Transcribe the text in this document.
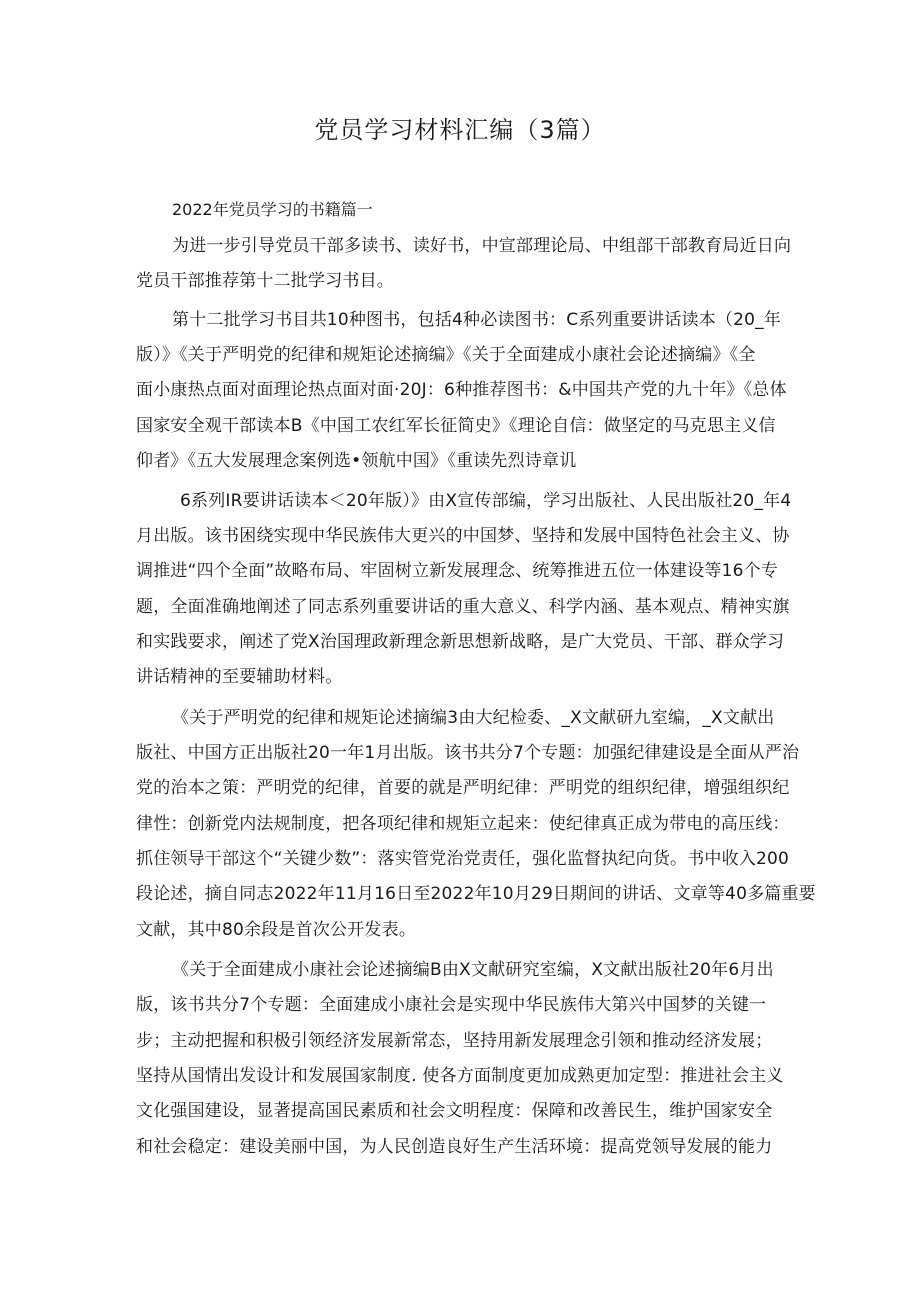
党员学习材料汇编（3篇）

2022年党员学习的书籍篇一

为进一步引导党员干部多读书、读好书，中宣部理论局、中组部干部教育局近日向

党员干部推荐第十二批学习书目。

第十二批学习书目共10种图书，包括4种必读图书：C系列重要讲话读本（20_年

版）》《关于严明党的纪律和规矩论述摘编》《关于全面建成小康社会论述摘编》《全

面小康热点面对面理论热点面对面·20J：6种推荐图书：&中国共产党的九十年》《总体

国家安全观干部读本B《中国工农红军长征简史》《理论自信：做坚定的马克思主义信

仰者》《五大发展理念案例选•领航中国》《重读先烈诗章讥

6系列IR要讲话读本＜20年版）》由X宣传部编，学习出版社、人民出版社20_年4

月出版。该书困绕实现中华民族伟大更兴的中国梦、坚持和发展中国特色社会主义、协

调推进“四个全面”故略布局、牢固树立新发展理念、统筹推进五位一体建设等16个专

题，全面准确地阐述了同志系列重要讲话的重大意义、科学内涵、基本观点、精神实旗

和实践要求，阐述了党X治国理政新理念新思想新战略，是广大党员、干部、群众学习

讲话精神的至要辅助材料。

《关于严明党的纪律和规矩论述摘编3由大纪检委、_X文献研九室编，_X文献出

版社、中国方正出版社20一年1月出版。该书共分7个专题：加强纪律建设是全面从严治

党的治本之策：严明党的纪律，首要的就是严明纪律：严明党的组织纪律，增强组织纪

律性：创新党内法规制度，把各项纪律和规矩立起来：使纪律真正成为带电的高压线：

抓住领导干部这个“关键少数”：落实管党治党责任，强化监督执纪向货。书中收入200

段论述，摘自同志2022年11月16日至2022年10月29日期间的讲话、文章等40多篇重要

文献，其中80余段是首次公开发表。

《关于全面建成小康社会论述摘编B由X文献研究室编，X文献出版社20年6月出

版，该书共分7个专题：全面建成小康社会是实现中华民族伟大第兴中国梦的关键一

步；主动把握和积极引领经济发展新常态，坚持用新发展理念引领和推动经济发展；

坚持从国情出发设计和发展国家制度. 使各方面制度更加成熟更加定型：推进社会主义

文化强国建设，显著提高国民素质和社会文明程度：保障和改善民生，维护国家安全

和社会稳定：建设美丽中国，为人民创造良好生产生活环境：提高党领导发展的能力
